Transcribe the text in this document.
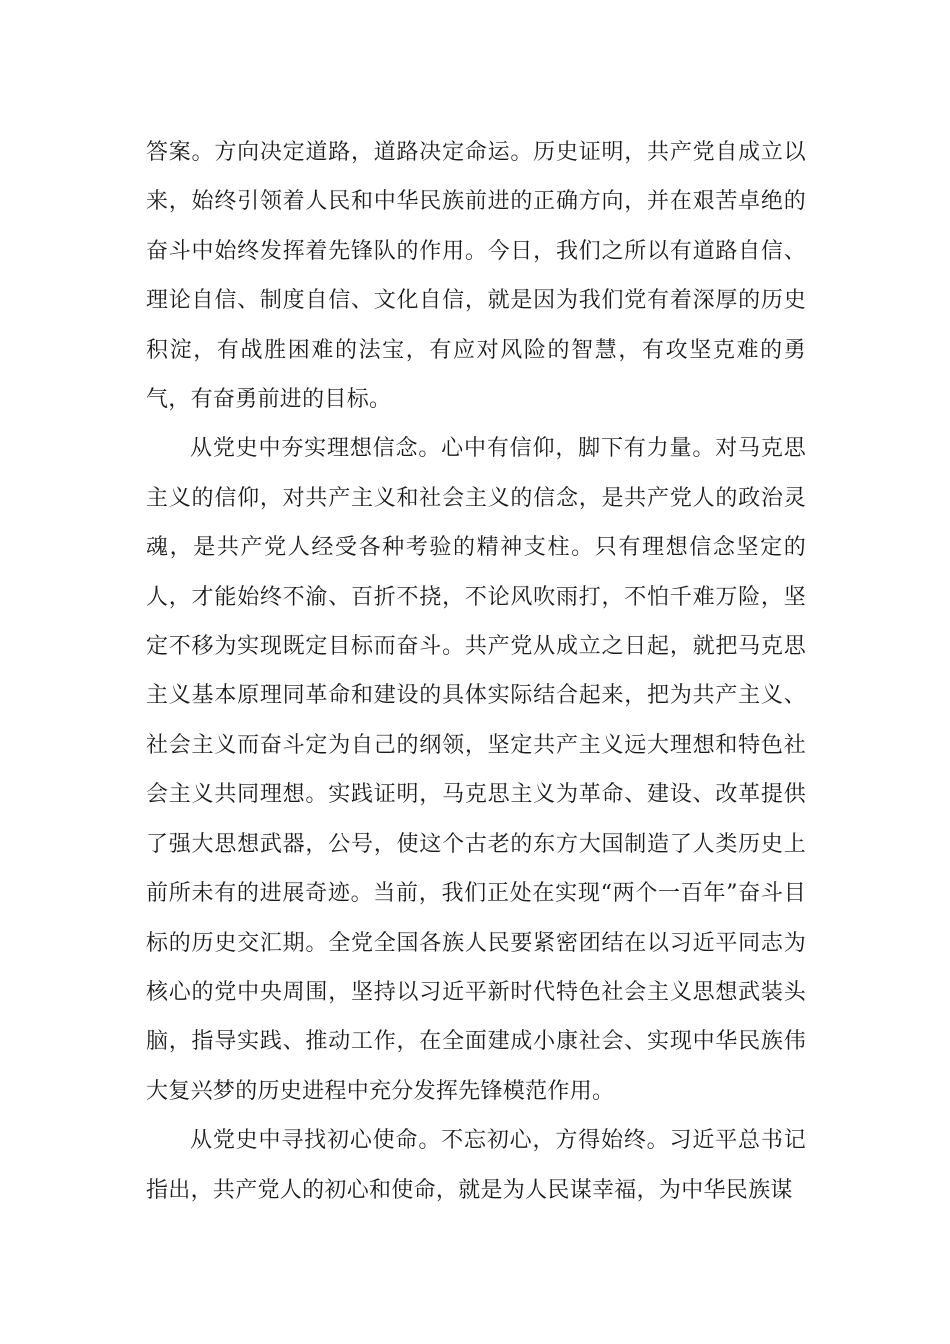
答案。方向决定道路，道路决定命运。历史证明，共产党自成立以来，始终引领着人民和中华民族前进的正确方向，并在艰苦卓绝的奋斗中始终发挥着先锋队的作用。今日，我们之所以有道路自信、理论自信、制度自信、文化自信，就是因为我们党有着深厚的历史积淀，有战胜困难的法宝，有应对风险的智慧，有攻坚克难的勇气，有奋勇前进的目标。

从党史中夯实理想信念。心中有信仰，脚下有力量。对马克思主义的信仰，对共产主义和社会主义的信念，是共产党人的政治灵魂，是共产党人经受各种考验的精神支柱。只有理想信念坚定的人，才能始终不渝、百折不挠，不论风吹雨打，不怕千难万险，坚定不移为实现既定目标而奋斗。共产党从成立之日起，就把马克思主义基本原理同革命和建设的具体实际结合起来，把为共产主义、社会主义而奋斗定为自己的纲领，坚定共产主义远大理想和特色社会主义共同理想。实践证明，马克思主义为革命、建设、改革提供了强大思想武器，公号，使这个古老的东方大国制造了人类历史上前所未有的进展奇迹。当前，我们正处在实现“两个一百年”奋斗目标的历史交汇期。全党全国各族人民要紧密团结在以习近平同志为核心的党中央周围，坚持以习近平新时代特色社会主义思想武装头脑，指导实践、推动工作，在全面建成小康社会、实现中华民族伟大复兴梦的历史进程中充分发挥先锋模范作用。

从党史中寻找初心使命。不忘初心，方得始终。习近平总书记指出，共产党人的初心和使命，就是为人民谋幸福，为中华民族谋
